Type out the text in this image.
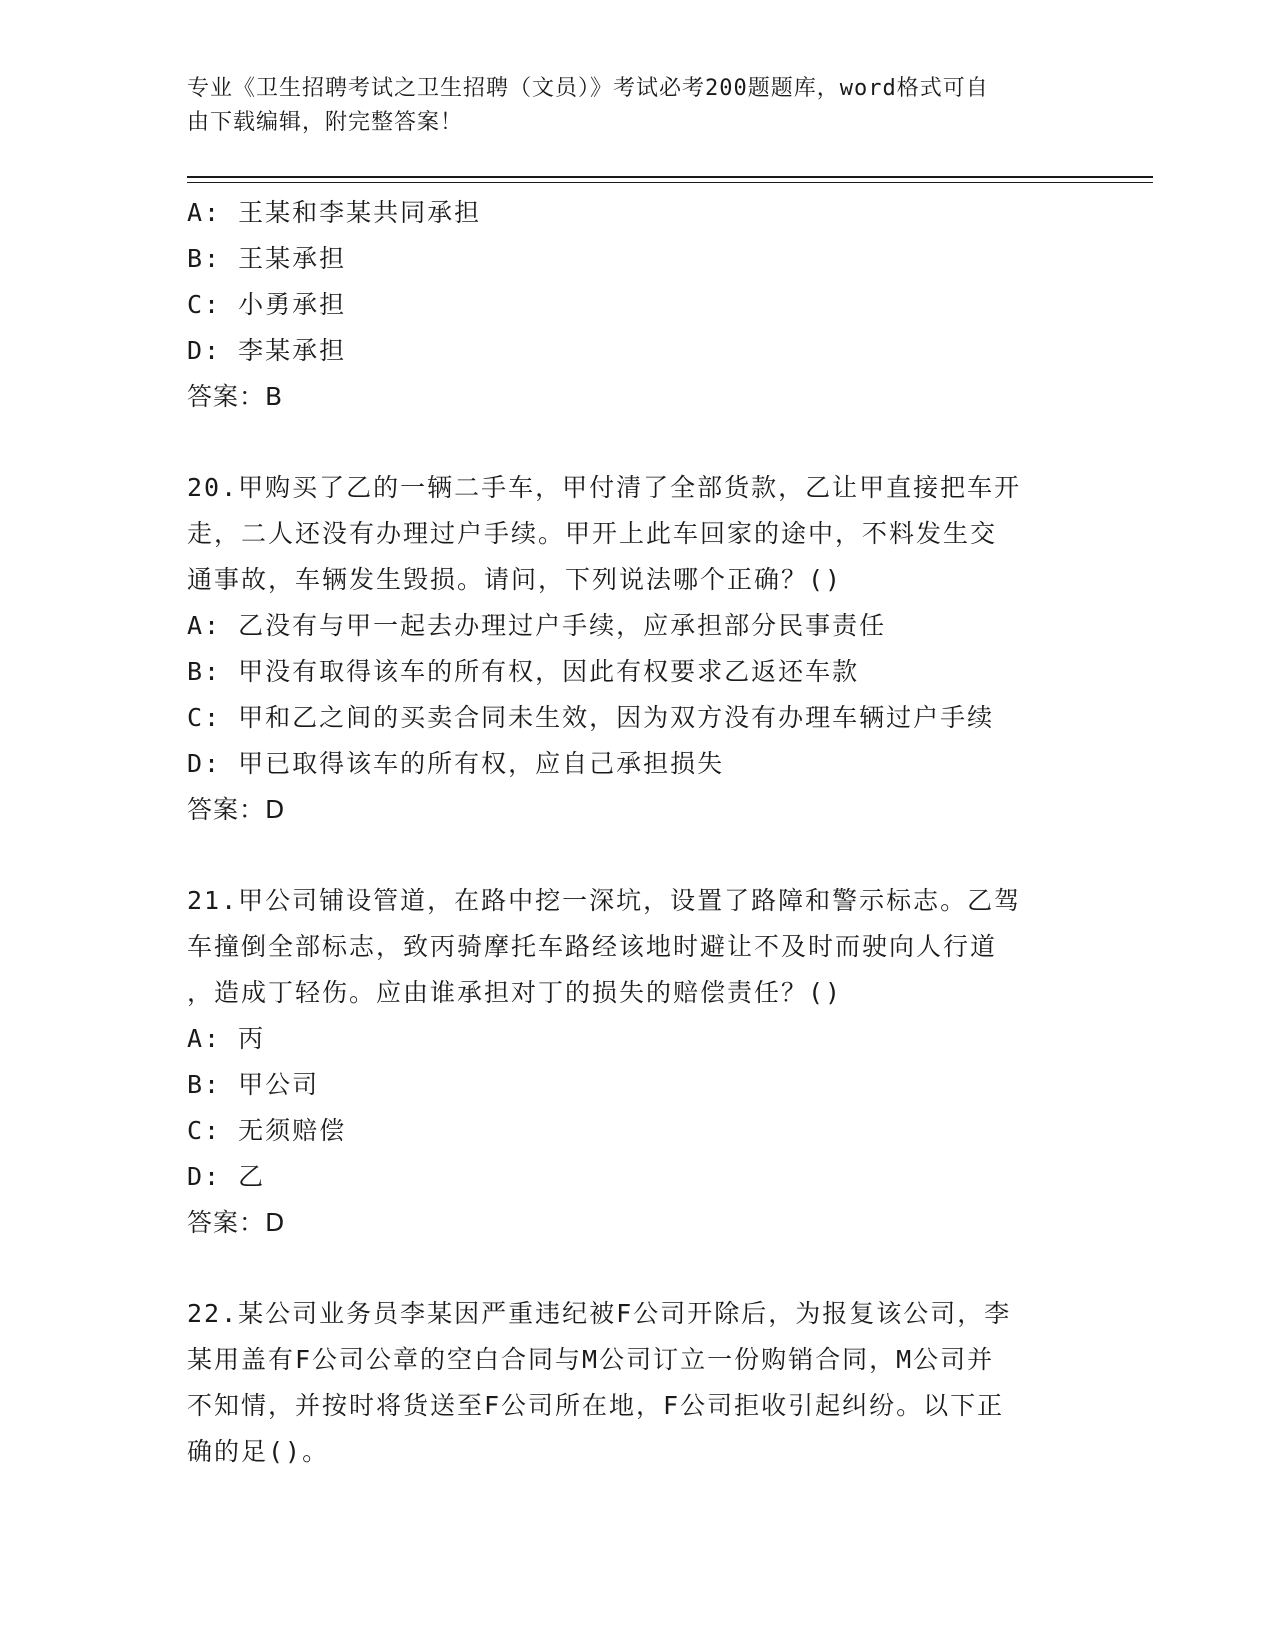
专业《卫生招聘考试之卫生招聘（文员）》考试必考200题题库，word格式可自
由下载编辑，附完整答案！
A: 王某和李某共同承担
B: 王某承担
C: 小勇承担
D: 李某承担
答案：B
20.甲购买了乙的一辆二手车，甲付清了全部货款，乙让甲直接把车开
走，二人还没有办理过户手续。甲开上此车回家的途中，不料发生交
通事故，车辆发生毁损。请问，下列说法哪个正确？()
A: 乙没有与甲一起去办理过户手续，应承担部分民事责任
B: 甲没有取得该车的所有权，因此有权要求乙返还车款
C: 甲和乙之间的买卖合同未生效，因为双方没有办理车辆过户手续
D: 甲已取得该车的所有权，应自己承担损失
答案：D
21.甲公司铺设管道，在路中挖一深坑，设置了路障和警示标志。乙驾
车撞倒全部标志，致丙骑摩托车路经该地时避让不及时而驶向人行道
，造成丁轻伤。应由谁承担对丁的损失的赔偿责任？()
A: 丙
B: 甲公司
C: 无须赔偿
D: 乙
答案：D
22.某公司业务员李某因严重违纪被F公司开除后，为报复该公司，李
某用盖有F公司公章的空白合同与M公司订立一份购销合同，M公司并
不知情，并按时将货送至F公司所在地，F公司拒收引起纠纷。以下正
确的足()。
